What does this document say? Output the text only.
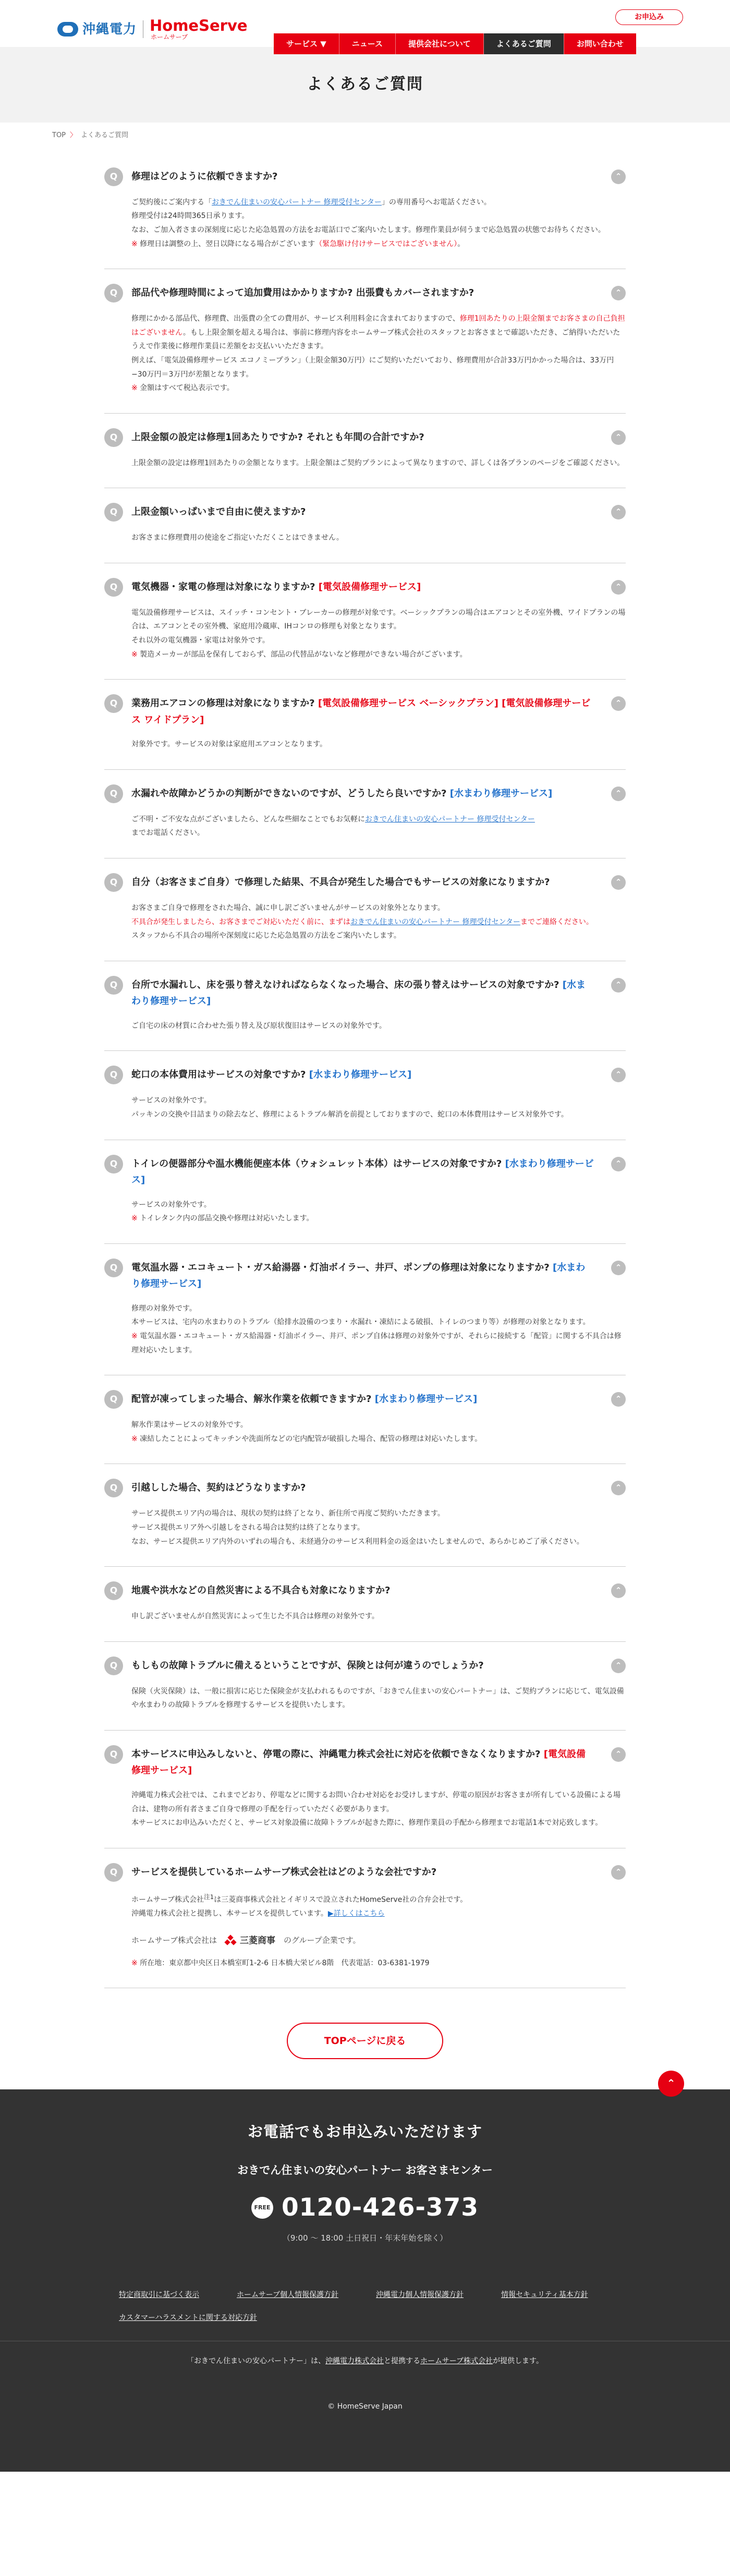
沖縄電力 HomeServe
ホームサーブ
お申込み
サービス ▼	ニュース	提供会社について	よくあるご質問	お問い合わせ
よくあるご質問
TOP 〉 よくあるご質問
Q	修理はどのように依頼できますか?	⌃
ご契約後にご案内する「おきでん住まいの安心パートナー 修理受付センター」の専用番号へお電話ください。
修理受付は24時間365日承ります。
なお、ご加入者さまの深刻度に応じた応急処置の方法をお電話口でご案内いたします。修理作業員が伺うまで応急処置の状態でお待ちください。
※ 修理日は調整の上、翌日以降になる場合がございます（緊急駆け付けサービスではございません）。
Q	部品代や修理時間によって追加費用はかかりますか? 出張費もカバーされますか?	⌃
修理にかかる部品代、修理費、出張費の全ての費用が、サービス利用料金に含まれておりますので、修理1回あたりの上限金額までお客さまの自己負担はございません。もし上限金額を超える場合は、事前に修理内容をホームサーブ株式会社のスタッフとお客さまとで確認いただき、ご納得いただいたうえで作業後に修理作業員に差額をお支払いいただきます。
例えば、「電気設備修理サービス エコノミープラン」（上限金額30万円）にご契約いただいており、修理費用が合計33万円かかった場合は、33万円−30万円＝3万円が差額となります。
※ 金額はすべて税込表示です。
Q	上限金額の設定は修理1回あたりですか? それとも年間の合計ですか?	⌃
上限金額の設定は修理1回あたりの金額となります。上限金額はご契約プランによって異なりますので、詳しくは各プランのページをご確認ください。
Q	上限金額いっぱいまで自由に使えますか?	⌃
お客さまに修理費用の使途をご指定いただくことはできません。
Q	電気機器・家電の修理は対象になりますか? [電気設備修理サービス]	⌃
電気設備修理サービスは、スイッチ・コンセント・ブレーカーの修理が対象です。ベーシックプランの場合はエアコンとその室外機、ワイドプランの場合は、エアコンとその室外機、家庭用冷蔵庫、IHコンロの修理も対象となります。
それ以外の電気機器・家電は対象外です。
※ 製造メーカーが部品を保有しておらず、部品の代替品がないなど修理ができない場合がございます。
Q	業務用エアコンの修理は対象になりますか? [電気設備修理サービス ベーシックプラン] [電気設備修理サービス ワイドプラン]
⌃
対象外です。サービスの対象は家庭用エアコンとなります。
Q	水漏れや故障かどうかの判断ができないのですが、どうしたら良いですか? [水まわり修理サービス]	⌃
ご不明・ご不安な点がございましたら、どんな些細なことでもお気軽におきでん住まいの安心パートナー 修理受付センター
までお電話ください。
Q	自分（お客さまご自身）で修理した結果、不具合が発生した場合でもサービスの対象になりますか?	⌃
お客さまご自身で修理をされた場合、誠に申し訳ございませんがサービスの対象外となります。
不具合が発生しましたら、お客さまでご対応いただく前に、まずはおきでん住まいの安心パートナー 修理受付センターまでご連絡ください。
スタッフから不具合の場所や深刻度に応じた応急処置の方法をご案内いたします。
Q	台所で水漏れし、床を張り替えなければならなくなった場合、床の張り替えはサービスの対象ですか? [水まわり修理サービス]
⌃
ご自宅の床の材質に合わせた張り替え及び原状復旧はサービスの対象外です。
Q	蛇口の本体費用はサービスの対象ですか? [水まわり修理サービス]	⌃
サービスの対象外です。
パッキンの交換や目詰まりの除去など、修理によるトラブル解消を前提としておりますので、蛇口の本体費用はサービス対象外です。
Q	トイレの便器部分や温水機能便座本体（ウォシュレット本体）はサービスの対象ですか? [水まわり修理サービス]
⌃
サービスの対象外です。
※ トイレタンク内の部品交換や修理は対応いたします。
Q	電気温水器・エコキュート・ガス給湯器・灯油ボイラー、井戸、ポンプの修理は対象になりますか? [水まわり修理サービス]
⌃
修理の対象外です。
本サービスは、宅内の水まわりのトラブル（給排水設備のつまり・水漏れ・凍結による破損、トイレのつまり等）が修理の対象となります。
※ 電気温水器・エコキュート・ガス給湯器・灯油ボイラー、井戸、ポンプ自体は修理の対象外ですが、それらに接続する「配管」に関する不具合は修理対応いたします。
Q	配管が凍ってしまった場合、解氷作業を依頼できますか? [水まわり修理サービス]	⌃
解氷作業はサービスの対象外です。
※ 凍結したことによってキッチンや洗面所などの宅内配管が破損した場合、配管の修理は対応いたします。
Q	引越しした場合、契約はどうなりますか?	⌃
サービス提供エリア内の場合は、現状の契約は終了となり、新住所で再度ご契約いただきます。
サービス提供エリア外へ引越しをされる場合は契約は終了となります。
なお、サービス提供エリア内外のいずれの場合も、未経過分のサービス利用料金の返金はいたしませんので、あらかじめご了承ください。
Q	地震や洪水などの自然災害による不具合も対象になりますか?	⌃
申し訳ございませんが自然災害によって生じた不具合は修理の対象外です。
Q	もしもの故障トラブルに備えるということですが、保険とは何が違うのでしょうか?	⌃
保険（火災保険）は、一般に損害に応じた保険金が支払われるものですが、「おきでん住まいの安心パートナー」は、ご契約プランに応じて、電気設備や水まわりの故障トラブルを修理するサービスを提供いたします。
Q	本サービスに申込みしないと、停電の際に、沖縄電力株式会社に対応を依頼できなくなりますか? [電気設備修理サービス]
⌃
沖縄電力株式会社では、これまでどおり、停電などに関するお問い合わせ対応をお受けしますが、停電の原因がお客さまが所有している設備による場合は、建物の所有者さまご自身で修理の手配を行っていただく必要があります。
本サービスにお申込みいただくと、サービス対象設備に故障トラブルが起きた際に、修理作業員の手配から修理までお電話1本で対応致します。
Q	サービスを提供しているホームサーブ株式会社はどのような会社ですか?	⌃
ホームサーブ株式会社$^{注1}$は三菱商事株式会社とイギリスで設立されたHomeServe社の合弁会社です。
沖縄電力株式会社と提携し、本サービスを提供しています。▶詳しくはこちら
ホームサーブ株式会社は	三菱商事 のグループ企業です。

※ 所在地：東京都中央区日本橋室町1-2-6 日本橋大栄ビル8階　代表電話：03-6381-1979

TOPページに戻る
⌃
お電話でもお申込みいただけます
おきでん住まいの安心パートナー お客さまセンター
FREE 0120-426-373
（9:00 ～ 18:00 土日祝日・年末年始を除く）
特定商取引に基づく表示	ホームサーブ個人情報保護方針	沖縄電力個人情報保護方針	情報セキュリティ基本方針
カスタマーハラスメントに関する対応方針
「おきでん住まいの安心パートナー」は、沖縄電力株式会社と提携するホームサーブ株式会社が提供します。
© HomeServe Japan
